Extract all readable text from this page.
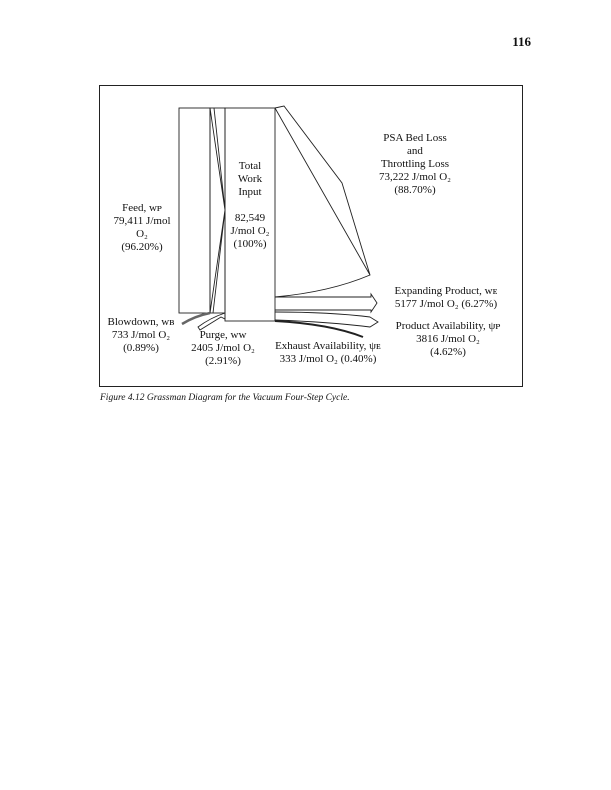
116
Total
Work
Input
82,549
J/mol O₂
(100%)
Feed, wᴘ
79,411 J/mol
O₂
(96.20%)
PSA Bed Loss
and
Throttling Loss
73,222 J/mol O₂
(88.70%)
Expanding Product, wᴇ
5177 J/mol O₂ (6.27%)
Product Availability, ψᴘ
3816 J/mol O₂
(4.62%)
Exhaust Availability, ψᴇ
333 J/mol O₂ (0.40%)
Blowdown, wʙ
733 J/mol O₂
(0.89%)
Purge, wᴡ
2405 J/mol O₂
(2.91%)
Figure 4.12 Grassman Diagram for the Vacuum Four-Step Cycle.
